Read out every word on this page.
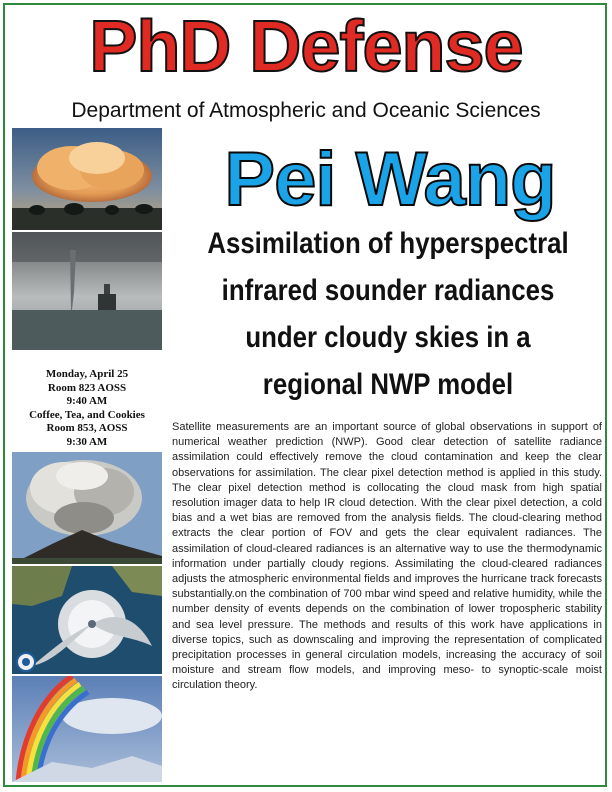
PhD Defense
Department of Atmospheric and Oceanic Sciences
Pei Wang
Assimilation of hyperspectral
infrared sounder radiances
under cloudy skies in a
regional NWP model
Monday, April 25
Room 823 AOSS
9:40 AM
Coffee, Tea, and Cookies
Room 853, AOSS
9:30 AM
Satellite measurements are an important source of global observations in support of numerical weather prediction (NWP). Good clear detection of satellite radiance assimilation could effectively remove the cloud contamination and keep the clear observations for assimilation. The clear pixel detection method is applied in this study. The clear pixel detection method is collocating the cloud mask from high spatial resolution imager data to help IR cloud detection. With the clear pixel detection, a cold bias and a wet bias are removed from the analysis fields. The cloud-clearing method extracts the clear portion of FOV and gets the clear equivalent radiances. The assimilation of cloud-cleared radiances is an alternative way to use the thermodynamic information under partially cloudy regions. Assimilating the cloud-cleared radiances adjusts the atmospheric environmental fields and improves the hurricane track forecasts substantially.on the combination of 700 mbar wind speed and relative humidity, while the number density of events depends on the combination of lower tropospheric stability and sea level pressure. The methods and results of this work have applications in diverse topics, such as downscaling and improving the representation of complicated precipitation processes in general circulation models, increasing the accuracy of soil moisture and stream flow models, and improving meso- to synoptic-scale moist circulation theory.
